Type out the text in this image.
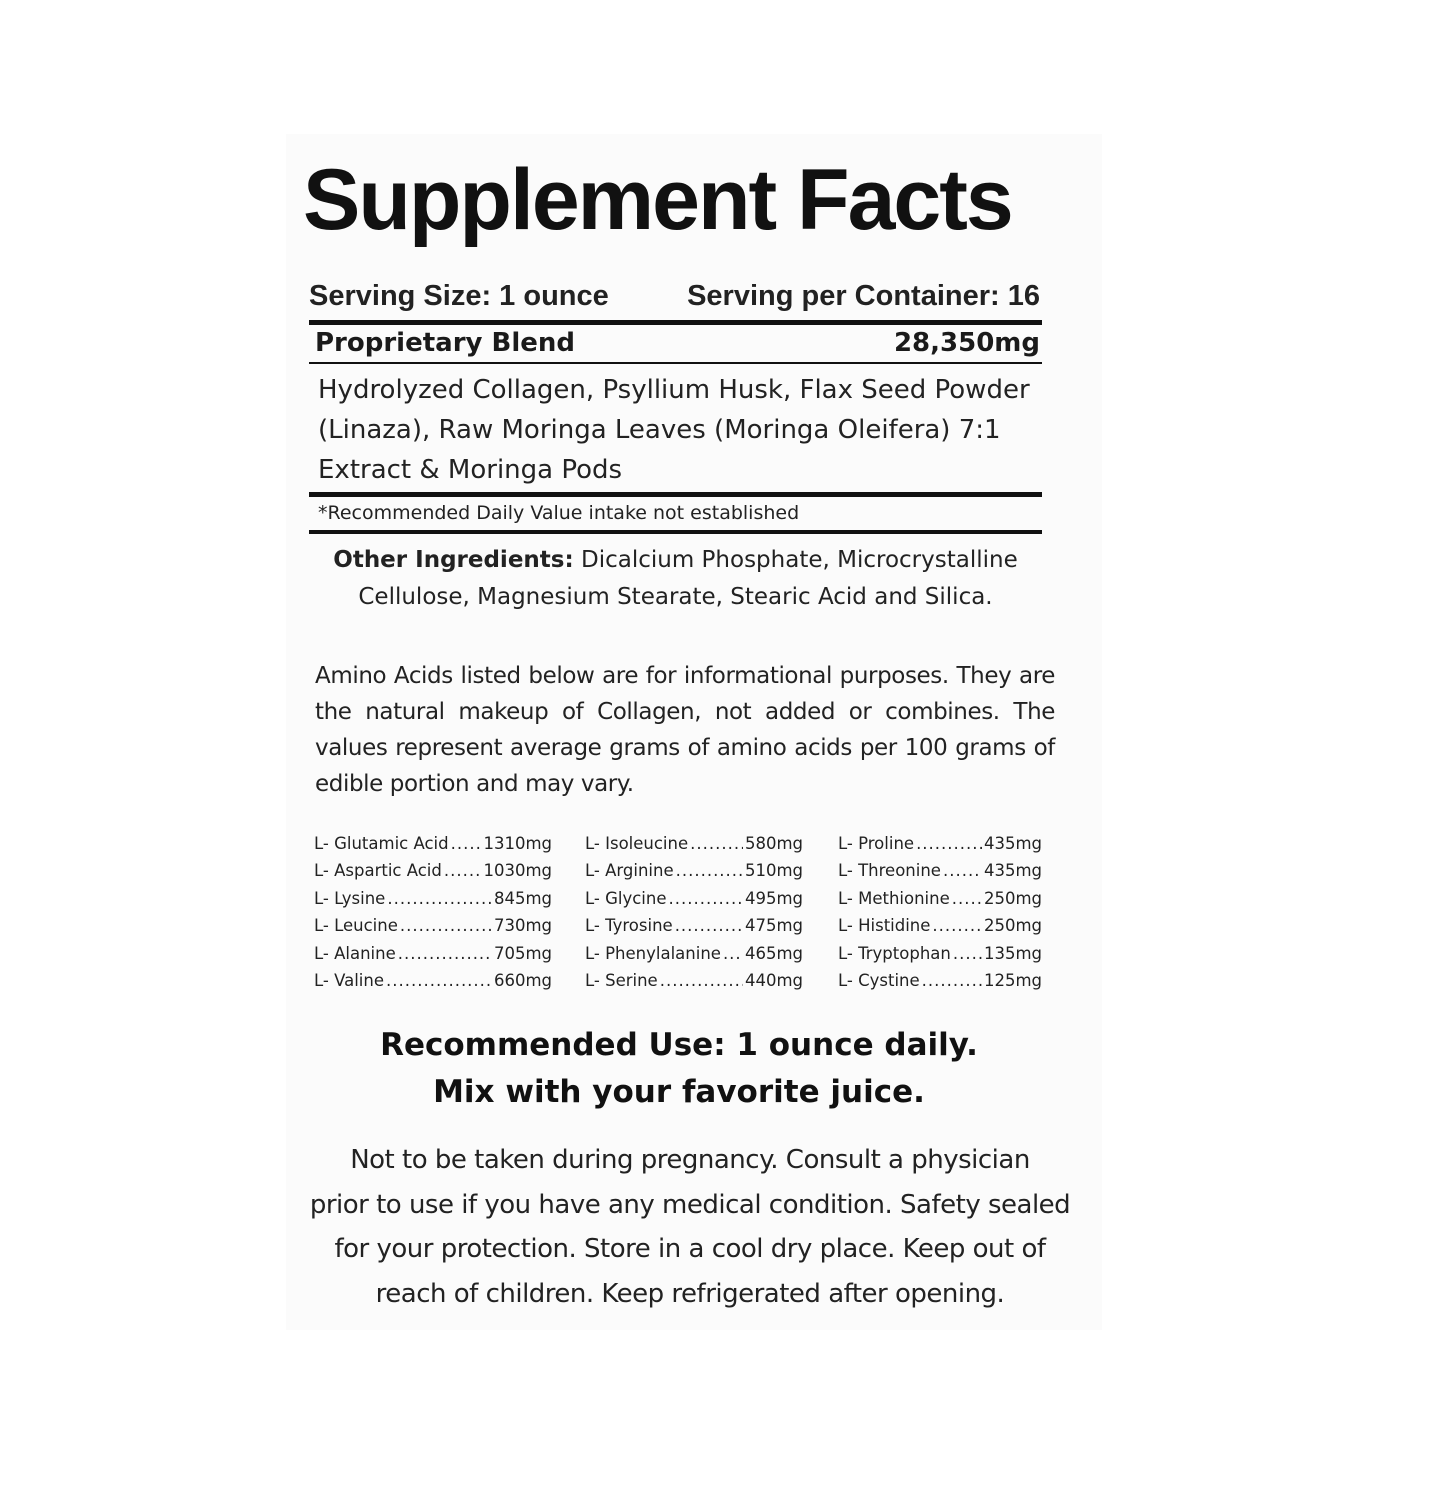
Supplement Facts
Serving Size: 1 ounce	Serving per Container: 16
Proprietary Blend	28,350mg
Hydrolyzed Collagen, Psyllium Husk, Flax Seed Powder (Linaza), Raw Moringa Leaves (Moringa Oleifera) 7:1 Extract & Moringa Pods
*Recommended Daily Value intake not established
Other Ingredients: Dicalcium Phosphate, Microcrystalline Cellulose, Magnesium Stearate, Stearic Acid and Silica.
Amino Acids listed below are for informational purposes. They are the natural makeup of Collagen, not added or combines. The values represent average grams of amino acids per 100 grams of edible portion and may vary.
L- Glutamic Acid ..... 1310mg
L- Aspartic Acid .....	1030mg
L- Lysine .....	845mg
L- Leucine .....	730mg
L- Alanine .....	705mg
L- Valine .....	660mg
L- Isoleucine .....	580mg
L- Arginine .....	510mg
L- Glycine .....	495mg
L- Tyrosine .....	475mg
L- Phenylalanine ..... 465mg
L- Serine .....	440mg
L- Proline .....	435mg
L- Threonine .....	435mg
L- Methionine ..... 250mg
L- Histidine .....	250mg
L- Tryptophan ..... 135mg
L- Cystine .....	125mg
Recommended Use: 1 ounce daily.
Mix with your favorite juice.
Not to be taken during pregnancy. Consult a physician
prior to use if you have any medical condition. Safety sealed
for your protection. Store in a cool dry place. Keep out of
reach of children. Keep refrigerated after opening.
